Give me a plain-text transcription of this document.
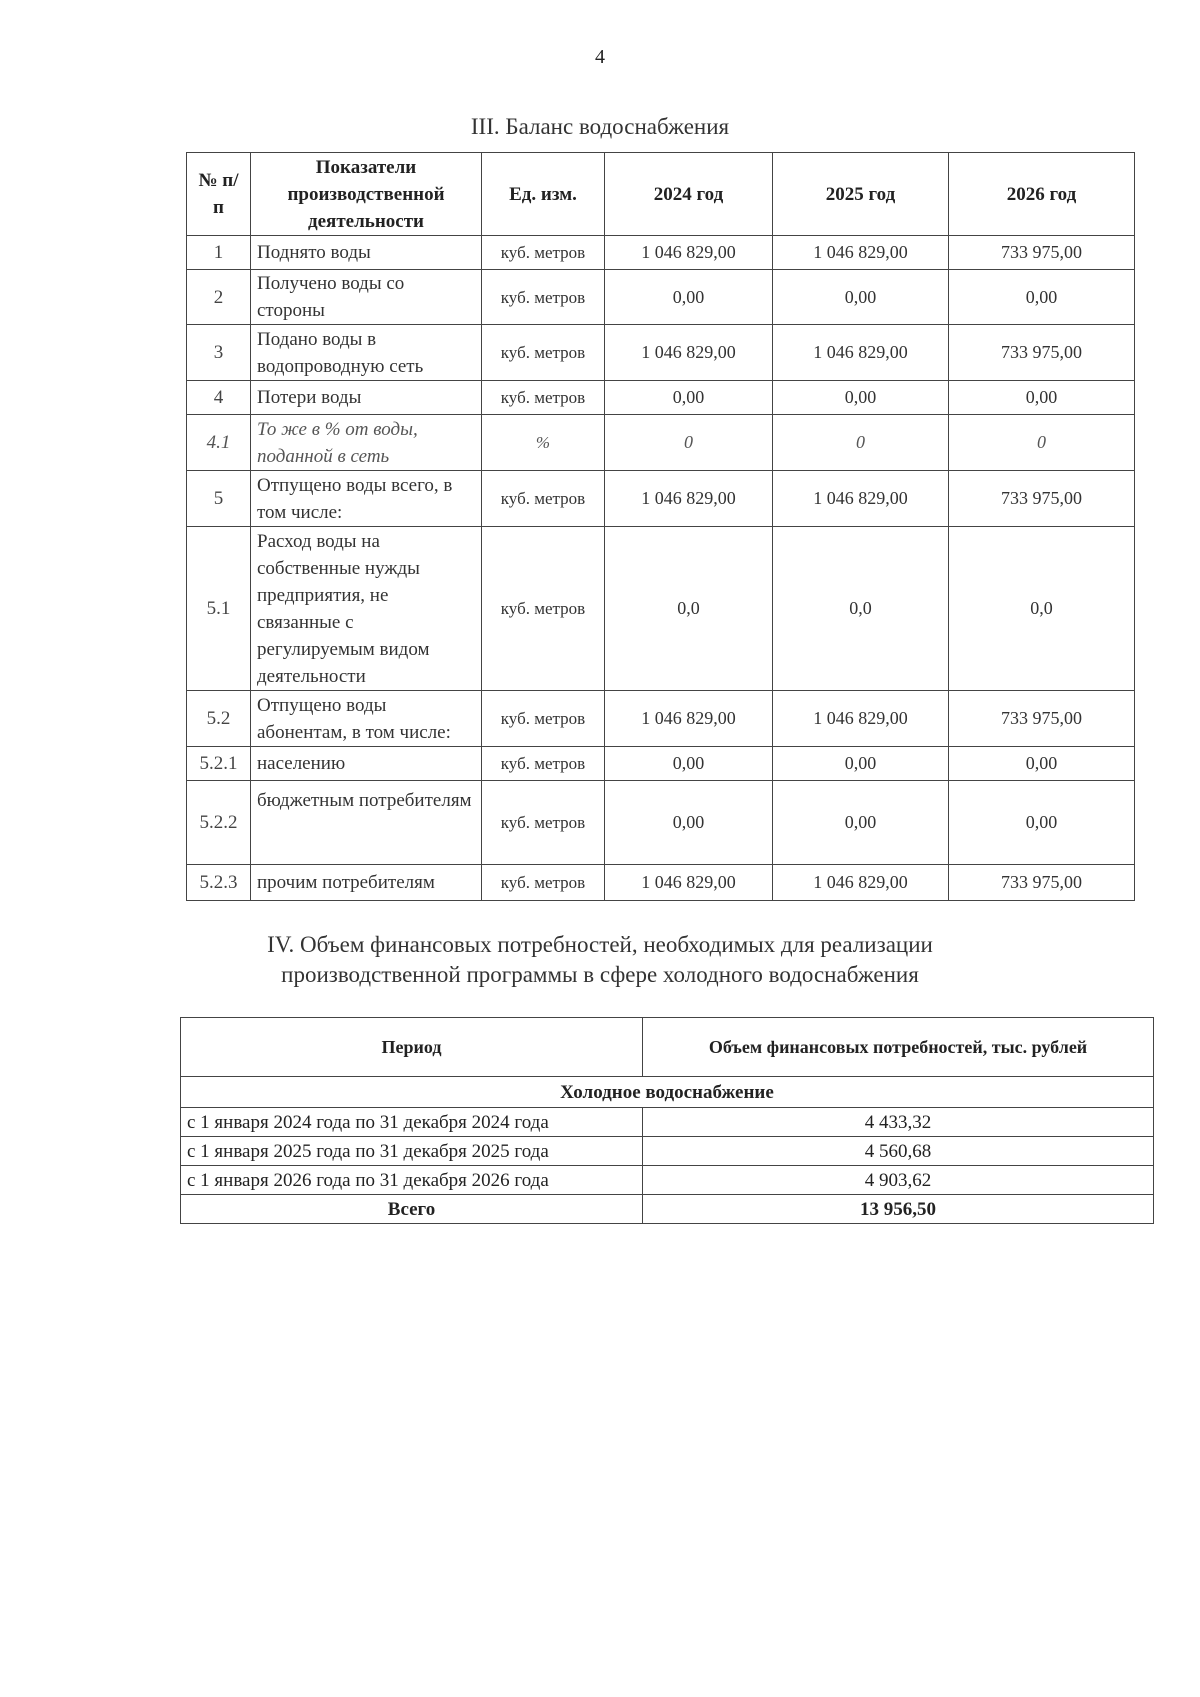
4
III. Баланс водоснабжения
№ п/п	Показатели производственной деятельности	Ед. изм.	2024 год	2025 год	2026 год
1	Поднято воды	куб. метров	1 046 829,00	1 046 829,00	733 975,00
2	Получено воды со стороны	куб. метров	0,00	0,00	0,00
3	Подано воды в водопроводную сеть	куб. метров	1 046 829,00	1 046 829,00	733 975,00
4	Потери воды	куб. метров	0,00	0,00	0,00
4.1	То же в % от воды, поданной в сеть	%	0	0	0
5	Отпущено воды всего, в том числе:	куб. метров	1 046 829,00	1 046 829,00	733 975,00
5.1	Расход воды на собственные нужды предприятия, не связанные с регулируемым видом деятельности	куб. метров	0,0	0,0	0,0
5.2	Отпущено воды абонентам, в том числе:	куб. метров	1 046 829,00	1 046 829,00	733 975,00
5.2.1	населению	куб. метров	0,00	0,00	0,00
5.2.2	бюджетным потребителям	куб. метров	0,00	0,00	0,00
5.2.3	прочим потребителям	куб. метров	1 046 829,00	1 046 829,00	733 975,00
IV. Объем финансовых потребностей, необходимых для реализации
производственной программы в сфере холодного водоснабжения
Период	Объем финансовых потребностей, тыс. рублей
Холодное водоснабжение	
с 1 января 2024 года по 31 декабря 2024 года	4 433,32
с 1 января 2025 года по 31 декабря 2025 года	4 560,68
с 1 января 2026 года по 31 декабря 2026 года	4 903,62
Всего	13 956,50
